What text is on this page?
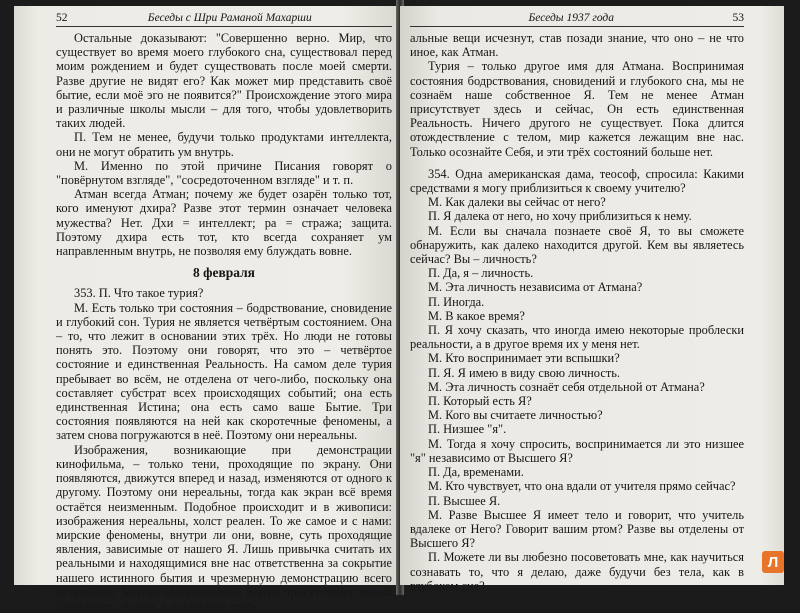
52	Беседы с Шри Раманой Махарши

Остальные доказывают: "Совершенно верно. Мир, что существует во время моего глубокого сна, существовал перед моим рождением и будет существовать после моей смерти. Разве другие не видят его? Как может мир представить своё бытие, если моё эго не появится?" Происхождение этого мира и различные школы мысли – для того, чтобы удовлетворить таких людей.

П. Тем не менее, будучи только продуктами интеллекта, они не могут обратить ум внутрь.

М. Именно по этой причине Писания говорят о "повёрнутом взгляде", "сосредоточенном взгляде" и т. п.

Атман всегда Атман; почему же будет озарён только тот, кого именуют дхира? Разве этот термин означает человека мужества? Нет. Дхи = интеллект; ра = стража; защита. Поэтому дхира есть тот, кто всегда сохраняет ум направленным внутрь, не позволяя ему блуждать вовне.

8 февраля

353. П. Что такое турия?

М. Есть только три состояния – бодрствование, сновидение и глубокий сон. Турия не является четвёртым состоянием. Она – то, что лежит в основании этих трёх. Но люди не готовы понять это. Поэтому они говорят, что это – четвёртое состояние и единственная Реальность. На самом деле турия пребывает во всём, не отделена от чего-либо, поскольку она составляет субстрат всех происходящих событий; она есть единственная Истина; она есть само ваше Бытие. Три состояния появляются на ней как скоротечные феномены, а затем снова погружаются в неё. Поэтому они нереальны.

Изображения, возникающие при демонстрации кинофильма, – только тени, проходящие по экрану. Они появляются, движутся вперед и назад, изменяются от одного к другому. Поэтому они нереальны, тогда как экран всё время остаётся неизменным. Подобное происходит и в живописи: изображения нереальны, холст реален. То же самое и с нами: мирские феномены, внутри ли они, вовне, суть проходящие явления, зависимые от нашего Я. Лишь привычка считать их реальными и находящимися вне нас ответственна за сокрытие нашего истинного бытия и чрезмерную демонстрацию всего остального. Будучи обнаруженной, всегда присутствует только Реальность, Атман, а остальные нере-

Беседы 1937 года	53

альные вещи исчезнут, став позади знание, что оно – не что иное, как Атман.

Турия – только другое имя для Атмана. Воспринимая состояния бодрствования, сновидений и глубокого сна, мы не сознаём наше собственное Я. Тем не менее Атман присутствует здесь и сейчас, Он есть единственная Реальность. Ничего другого не существует. Пока длится отождествление с телом, мир кажется лежащим вне нас. Только осознайте Себя, и эти трёх состояний больше нет.

354. Одна американская дама, теософ, спросила: Какими средствами я могу приблизиться к своему учителю?

М. Как далеки вы сейчас от него?

П. Я далека от него, но хочу приблизиться к нему.

М. Если вы сначала познаете своё Я, то вы сможете обнаружить, как далеко находится другой. Кем вы являетесь сейчас? Вы – личность?

П. Да, я – личность.

М. Эта личность независима от Атмана?

П. Иногда.

М. В какое время?

П. Я хочу сказать, что иногда имею некоторые проблески реальности, а в другое время их у меня нет.

М. Кто воспринимает эти вспышки?

П. Я. Я имею в виду свою личность.

М. Эта личность сознаёт себя отдельной от Атмана?

П. Который есть Я?

М. Кого вы считаете личностью?

П. Низшее "я".

М. Тогда я хочу спросить, воспринимается ли это низшее "я" независимо от Высшего Я?

П. Да, временами.

М. Кто чувствует, что она вдали от учителя прямо сейчас?

П. Высшее Я.

М. Разве Высшее Я имеет тело и говорит, что учитель вдалеке от Него? Говорит вашим ртом? Разве вы отделены от Высшего Я?

П. Можете ли вы любезно посоветовать мне, как научиться сознавать то, что я делаю, даже будучи без тела, как в глубоком сне?

Л
